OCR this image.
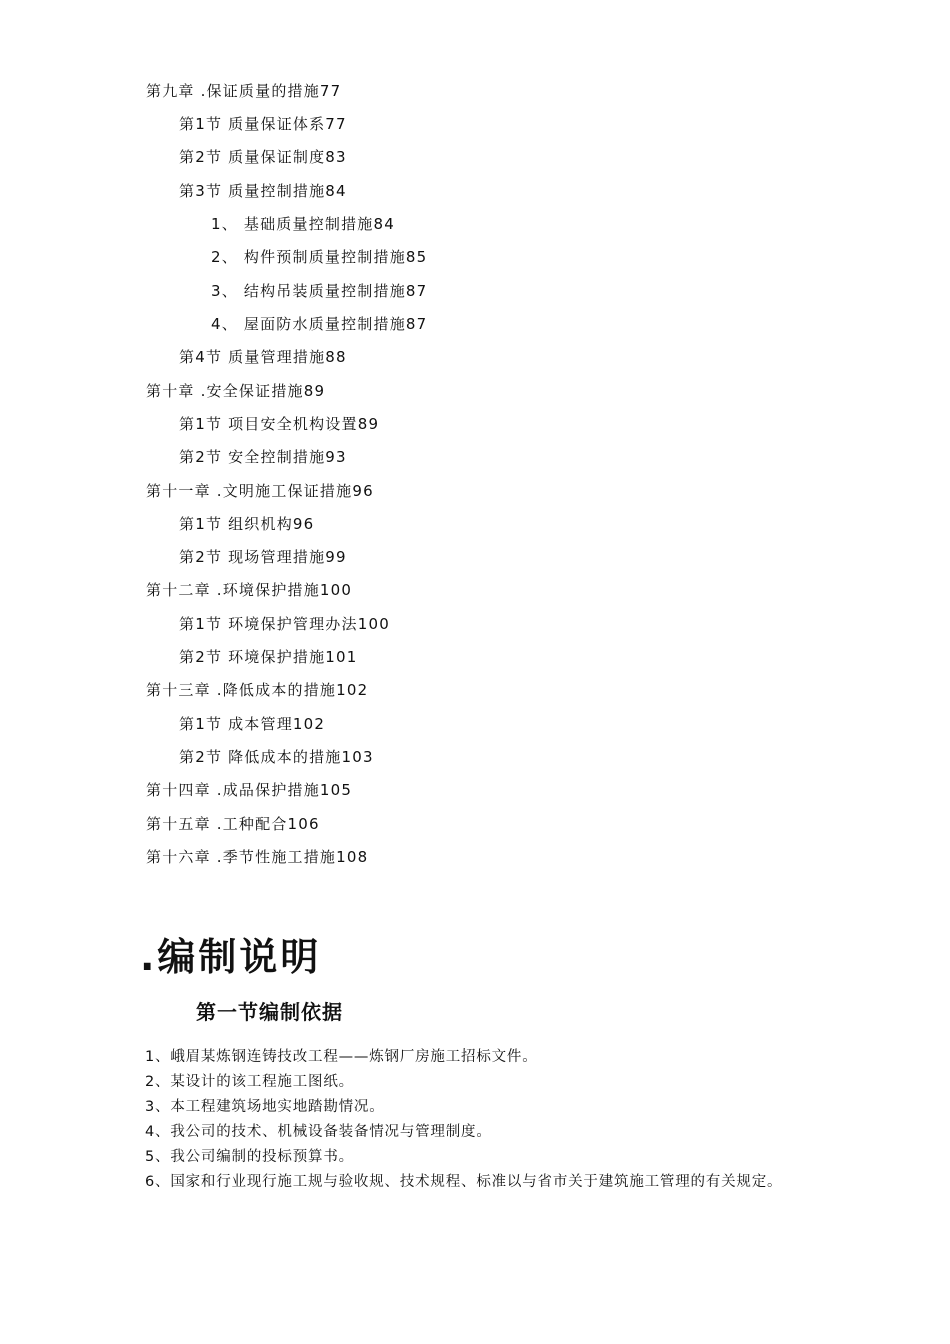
第九章 .保证质量的措施77
第1节 质量保证体系77
第2节 质量保证制度83
第3节 质量控制措施84
1、 基础质量控制措施84
2、 构件预制质量控制措施85
3、 结构吊装质量控制措施87
4、 屋面防水质量控制措施87
第4节 质量管理措施88
第十章 .安全保证措施89
第1节 项目安全机构设置89
第2节 安全控制措施93
第十一章 .文明施工保证措施96
第1节 组织机构96
第2节 现场管理措施99
第十二章 .环境保护措施100
第1节 环境保护管理办法100
第2节 环境保护措施101
第十三章 .降低成本的措施102
第1节 成本管理102
第2节 降低成本的措施103
第十四章 .成品保护措施105
第十五章 .工种配合106
第十六章 .季节性施工措施108
.编制说明
第一节编制依据
1、峨眉某炼钢连铸技改工程——炼钢厂房施工招标文件。
2、某设计的该工程施工图纸。
3、本工程建筑场地实地踏勘情况。
4、我公司的技术、机械设备装备情况与管理制度。
5、我公司编制的投标预算书。
6、国家和行业现行施工规与验收规、技术规程、标准以与省市关于建筑施工管理的有关规定。
